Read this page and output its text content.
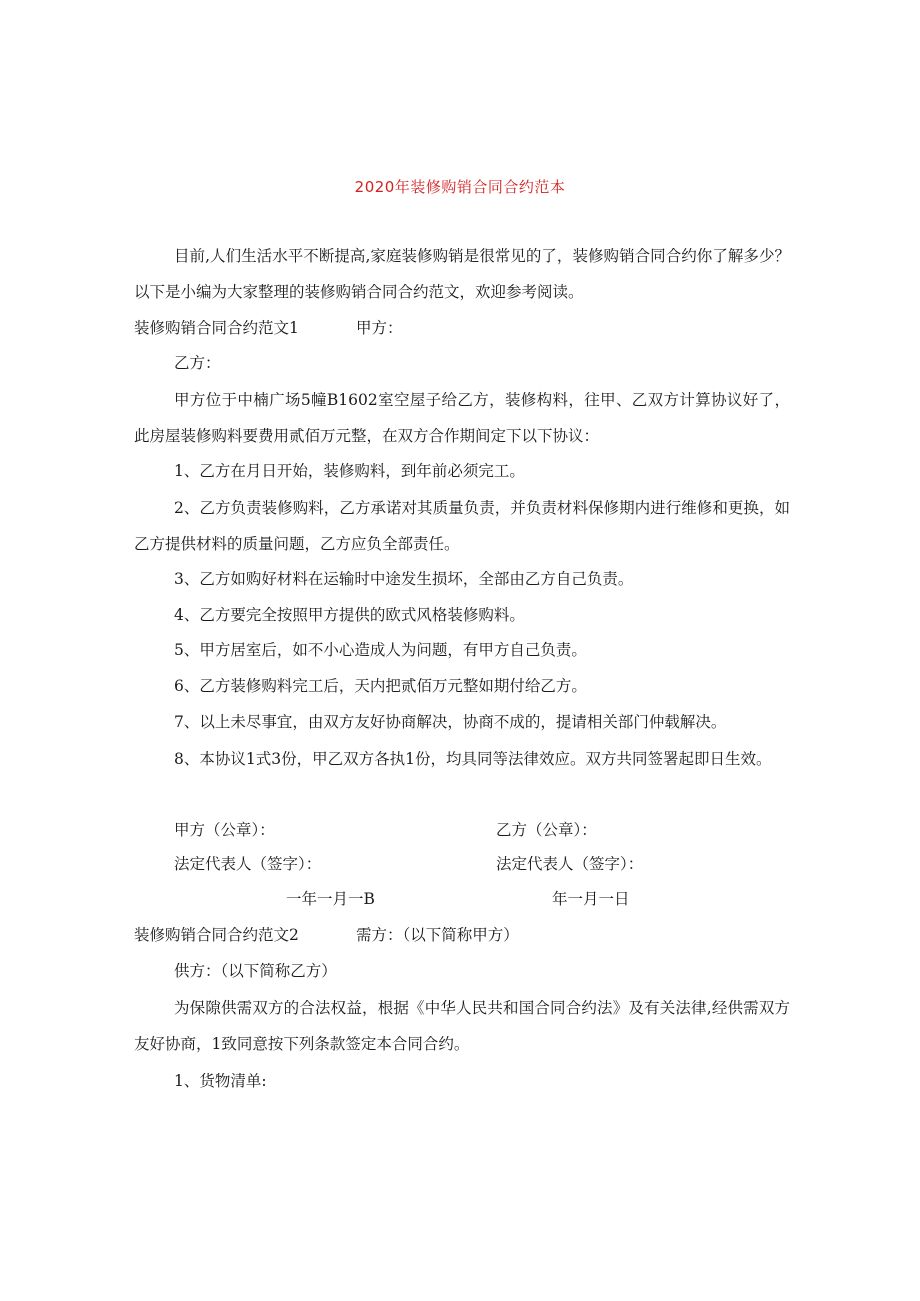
2020年装修购销合同合约范本
目前,人们生活水平不断提高,家庭装修购销是很常见的了，装修购销合同合约你了解多少？以下是小编为大家整理的装修购销合同合约范文，欢迎参考阅读。
装修购销合同合约范文1	甲方：
乙方：
甲方位于中楠广场5幢B1602室空屋子给乙方，装修构料，往甲、乙双方计算协议好了，此房屋装修购料要费用贰佰万元整，在双方合作期间定下以下协议：
1、乙方在月日开始，装修购料，到年前必须完工。
2、乙方负责装修购料，乙方承诺对其质量负责，并负责材料保修期内进行维修和更换，如乙方提供材料的质量问题，乙方应负全部责任。
3、乙方如购好材料在运输时中途发生损坏，全部由乙方自己负责。
4、乙方要完全按照甲方提供的欧式风格装修购料。
5、甲方居室后，如不小心造成人为问题，有甲方自己负责。
6、乙方装修购料完工后，天内把贰佰万元整如期付给乙方。
7、以上未尽事宜，由双方友好协商解决，协商不成的，提请相关部门仲载解决。
8、本协议1式3份，甲乙双方各执1份，均具同等法律效应。双方共同签署起即日生效。
甲方（公章）：	乙方（公章）：
法定代表人（签字）：	法定代表人（签字）：
一年一月一B	年一月一日
装修购销合同合约范文2	需方：（以下简称甲方）
供方：（以下简称乙方）
为保隙供需双方的合法权益，根据《中华人民共和国合同合约法》及有关法律,经供需双方友好协商，1致同意按下列条款签定本合同合约。
1、货物清单:
